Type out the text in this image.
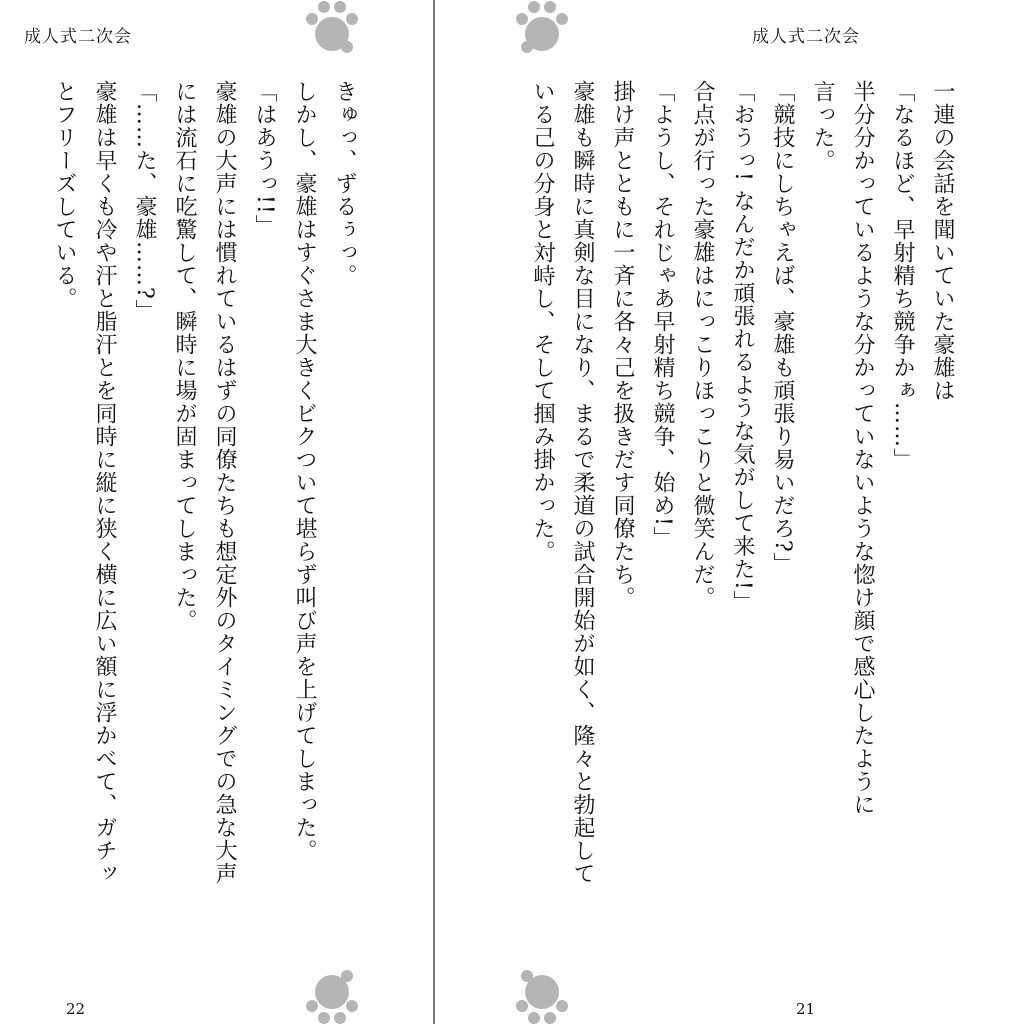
成人式二次会

きゅっ、ずるぅっ。

しかし、豪雄はすぐさま大きくビクついて堪らず叫び声を上げてしまった。

「はあうっ!!」

豪雄の大声には慣れているはずの同僚たちも想定外のタイミングでの急な大声

には流石に吃驚して、瞬時に場が固まってしまった。

「……た、豪雄……?」

豪雄は早くも冷や汗と脂汗とを同時に縦に狭く横に広い額に浮かべて、ガチッ

とフリーズしている。

22
成人式二次会

一連の会話を聞いていた豪雄は

「なるほど、早射精ち競争かぁ……」

半分分かっているような分かっていないような惚け顔で感心したように

言った。

「競技にしちゃえば、豪雄も頑張り易いだろ?」

「おうっ! なんだか頑張れるような気がして来た!」

合点が行った豪雄はにっこりほっこりと微笑んだ。

「ようし、それじゃあ早射精ち競争、始め!」

掛け声とともに一斉に各々己を扱きだす同僚たち。

豪雄も瞬時に真剣な目になり、まるで柔道の試合開始が如く、隆々と勃起して

いる己の分身と対峙し、そして掴み掛かった。

21
